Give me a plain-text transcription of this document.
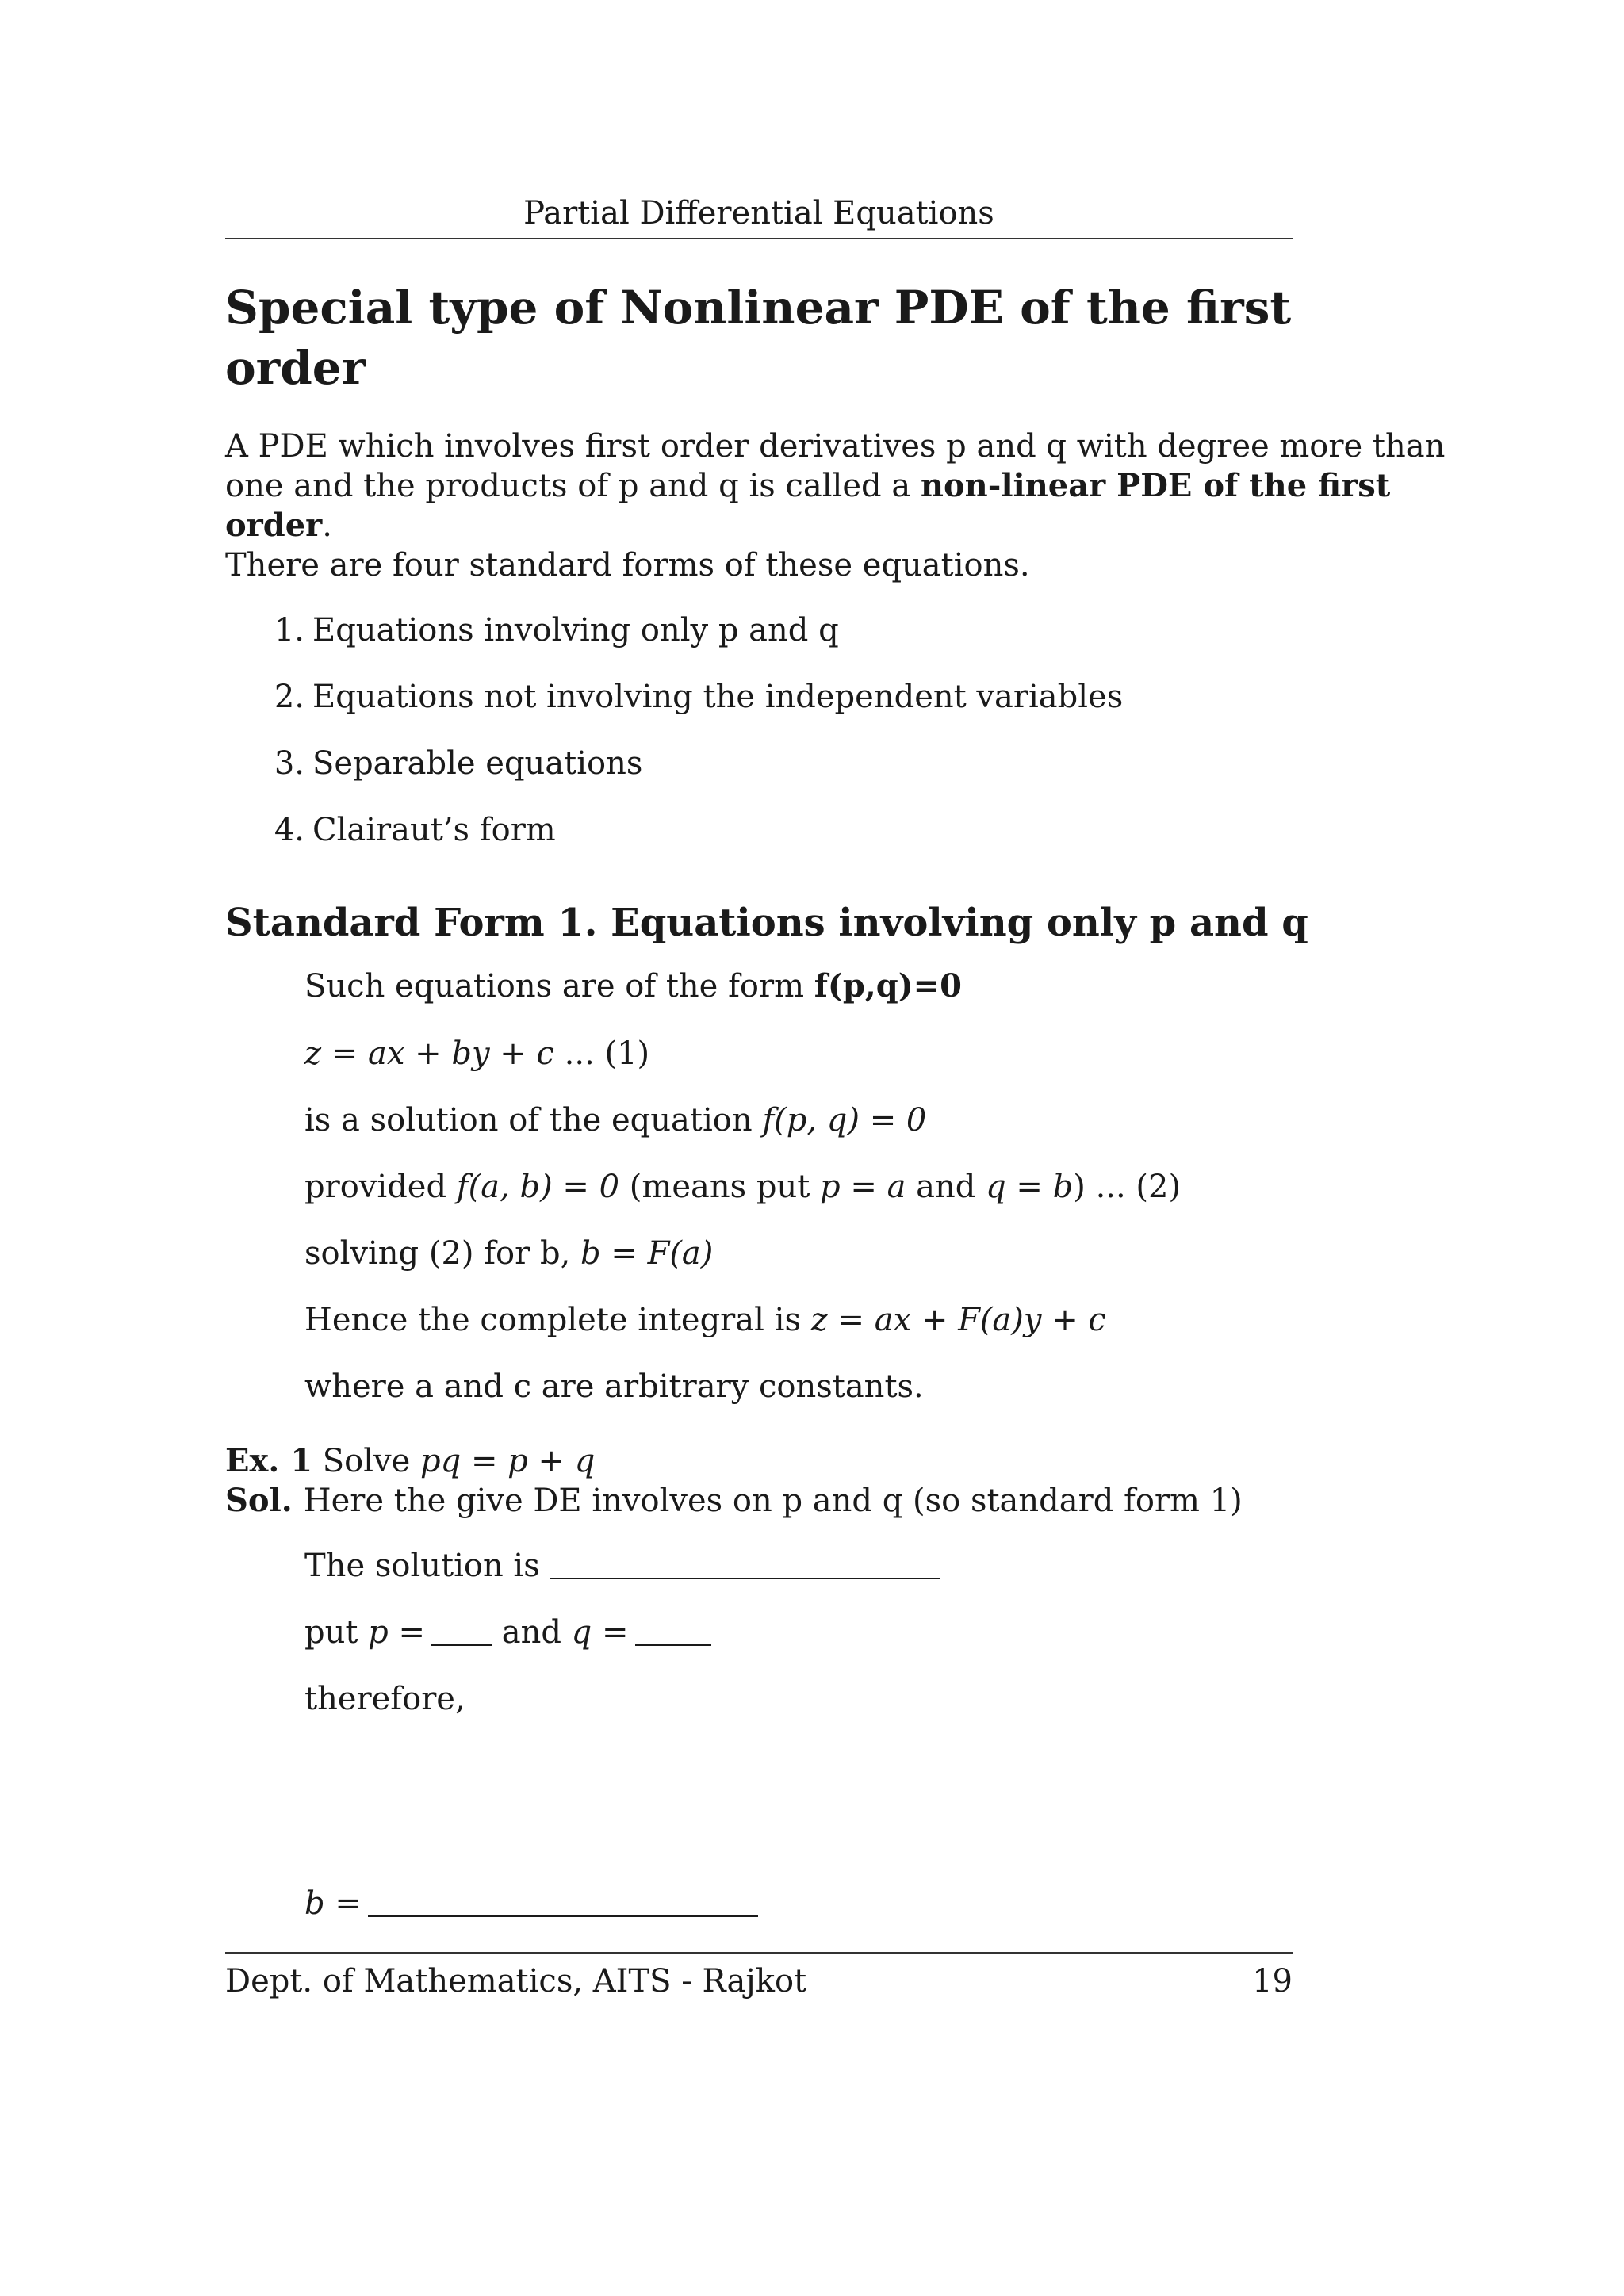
Partial Differential Equations
Special type of Nonlinear PDE of the first order
A PDE which involves first order derivatives p and q with degree more than
one and the products of p and q is called a non-linear PDE of the first
order.
There are four standard forms of these equations.
1. Equations involving only p and q
2. Equations not involving the independent variables
3. Separable equations
4. Clairaut’s form
Standard Form 1. Equations involving only p and q
Such equations are of the form f(p,q)=0
z = ax + by + c ... (1)
is a solution of the equation f(p, q) = 0
provided f(a, b) = 0 (means put p = a and q = b) ... (2)
solving (2) for b, b = F(a)
Hence the complete integral is z = ax + F(a)y + c
where a and c are arbitrary constants.
Ex. 1 Solve pq = p + q
Sol. Here the give DE involves on p and q (so standard form 1)
The solution is
put p = and q =
therefore,
b =
Dept. of Mathematics, AITS - Rajkot	19
